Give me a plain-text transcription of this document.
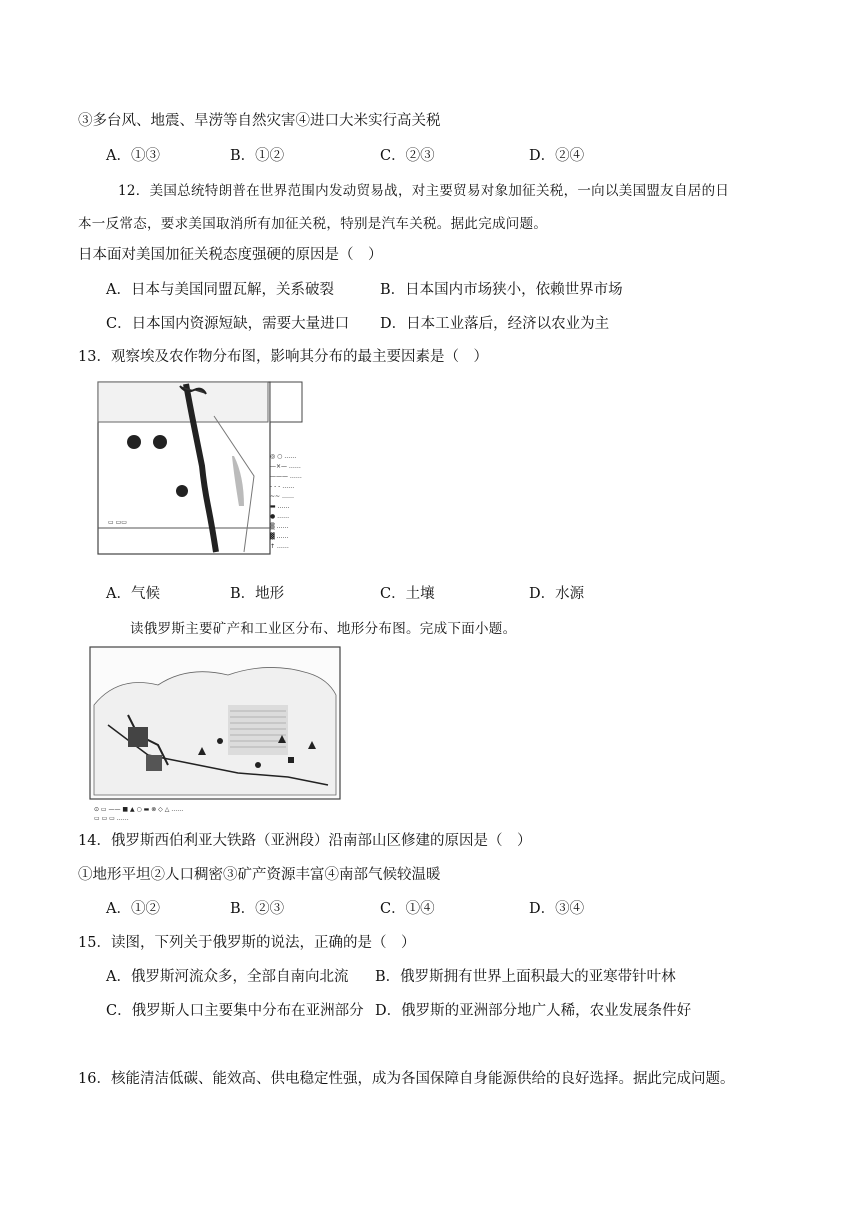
③多台风、地震、旱涝等自然灾害④进口大米实行高关税
A．①③	B．①②	C．②③	D．②④
12．美国总统特朗普在世界范围内发动贸易战，对主要贸易对象加征关税，一向以美国盟友自居的日
本一反常态，要求美国取消所有加征关税，特别是汽车关税。据此完成问题。
日本面对美国加征关税态度强硬的原因是（　）
A．日本与美国同盟瓦解，关系破裂	B．日本国内市场狭小，依赖世界市场
C．日本国内资源短缺，需要大量进口 D．日本工业落后，经济以农业为主
13．观察埃及农作物分布图，影响其分布的最主要因素是（　）
▭ ▭▭
◎ ○ ……
—×— ……
——— ……
- - - ……
~~ ……
▬ ……
● ……
▒ ……
▓ ……
↑ ……
A．气候	B．地形	C．土壤	D．水源
读俄罗斯主要矿产和工业区分布、地形分布图。完成下面小题。
⊙ ▭ —— ■ ▲ ○ ▬ ⊗ ◇ △ ……
▭ ▭ ▭ ……
14．俄罗斯西伯利亚大铁路（亚洲段）沿南部山区修建的原因是（　）
①地形平坦②人口稠密③矿产资源丰富④南部气候较温暖
A．①②	B．②③	C．①④	D．③④
15．读图，下列关于俄罗斯的说法，正确的是（　）
A．俄罗斯河流众多，全部自南向北流 B．俄罗斯拥有世界上面积最大的亚寒带针叶林
C．俄罗斯人口主要集中分布在亚洲部分 D．俄罗斯的亚洲部分地广人稀，农业发展条件好
16．核能清洁低碳、能效高、供电稳定性强，成为各国保障自身能源供给的良好选择。据此完成问题。
